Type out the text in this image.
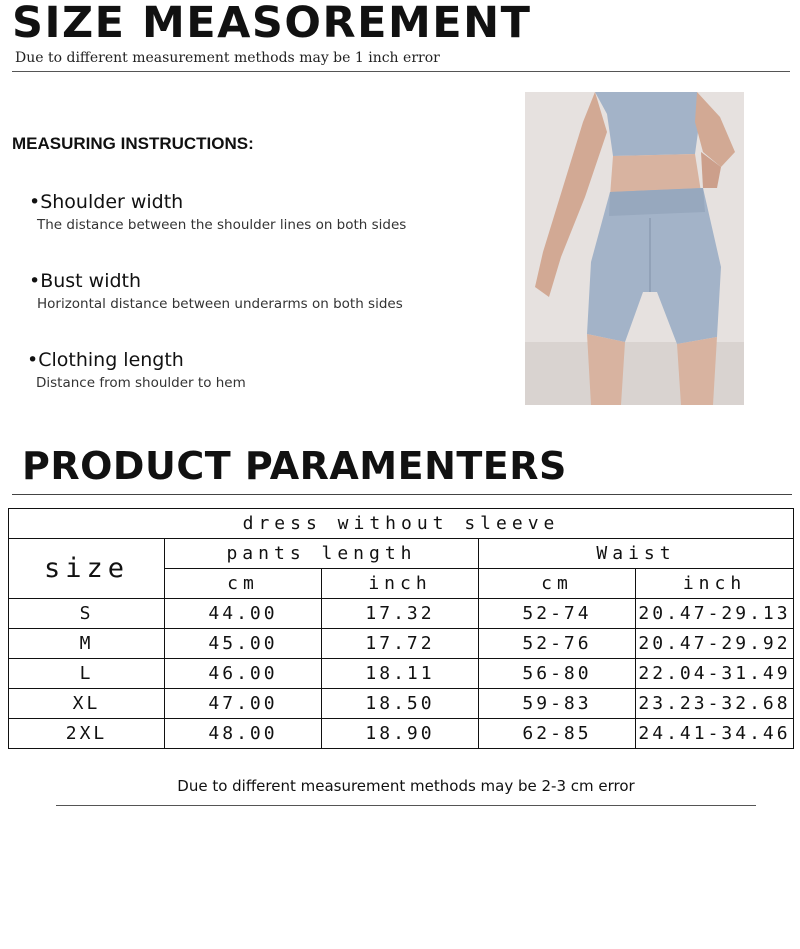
SIZE MEASOREMENT
Due to different measurement methods may be 1 inch error
MEASURING INSTRUCTIONS:
•Shoulder width
The distance between the shoulder lines on both sides
•Bust width
Horizontal distance between underarms on both sides
•Clothing length
Distance from shoulder to hem
PRODUCT PARAMENTERS
dress without sleeve				
size	pants length		Waist	
	cm	inch	cm	inch
S	44.00	17.32	52-74	20.47-29.13
M	45.00	17.72	52-76	20.47-29.92
L	46.00	18.11	56-80	22.04-31.49
XL	47.00	18.50	59-83	23.23-32.68
2XL	48.00	18.90	62-85	24.41-34.46
Due to different measurement methods may be 2-3 cm error
